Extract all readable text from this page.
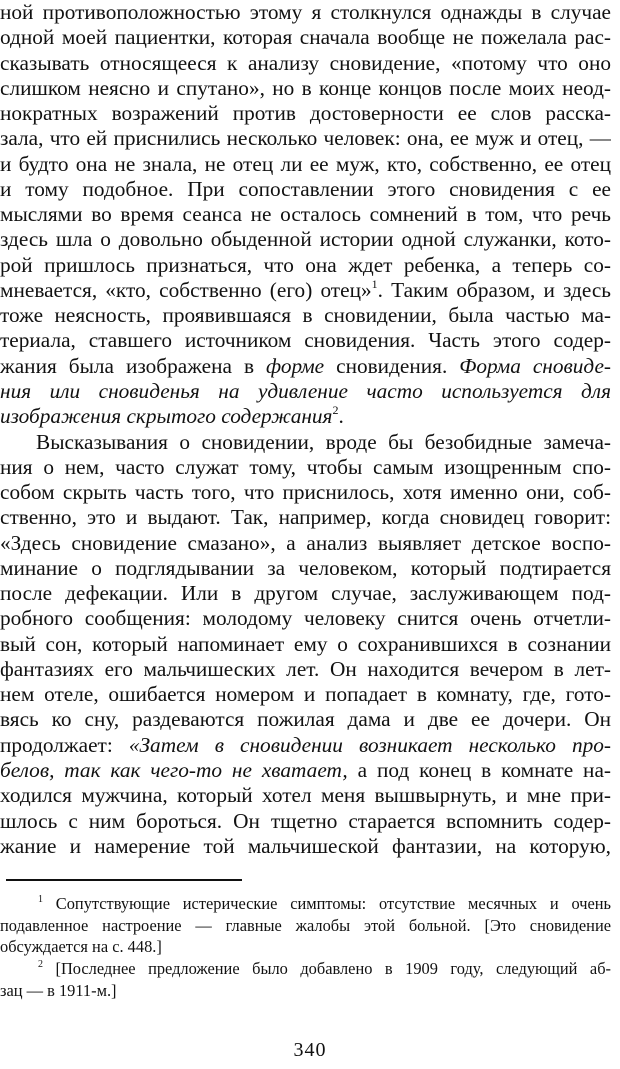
ной противоположностью этому я столкнулся однажды в случае
одной моей пациентки, которая сначала вообще не пожелала рас-
сказывать относящееся к анализу сновидение, «потому что оно
слишком неясно и спутано», но в конце концов после моих неод-
нократных возражений против достоверности ее слов расска-
зала, что ей приснились несколько человек: она, ее муж и отец, —
и будто она не знала, не отец ли ее муж, кто, собственно, ее отец
и тому подобное. При сопоставлении этого сновидения с ее
мыслями во время сеанса не осталось сомнений в том, что речь
здесь шла о довольно обыденной истории одной служанки, кото-
рой пришлось признаться, что она ждет ребенка, а теперь со-
мневается, «кто, собственно (его) отец»$^1$. Таким образом, и здесь
тоже неясность, проявившаяся в сновидении, была частью ма-
териала, ставшего источником сновидения. Часть этого содер-
жания была изображена в форме сновидения. Форма сновиде-
ния или сновиденья на удивление часто используется для
изображения скрытого содержания$^2$.
Высказывания о сновидении, вроде бы безобидные замеча-
ния о нем, часто служат тому, чтобы самым изощренным спо-
собом скрыть часть того, что приснилось, хотя именно они, соб-
ственно, это и выдают. Так, например, когда сновидец говорит:
«Здесь сновидение смазано», а анализ выявляет детское воспо-
минание о подглядывании за человеком, который подтирается
после дефекации. Или в другом случае, заслуживающем под-
робного сообщения: молодому человеку снится очень отчетли-
вый сон, который напоминает ему о сохранившихся в сознании
фантазиях его мальчишеских лет. Он находится вечером в лет-
нем отеле, ошибается номером и попадает в комнату, где, гото-
вясь ко сну, раздеваются пожилая дама и две ее дочери. Он
продолжает: «Затем в сновидении возникает несколько про-
белов, так как чего-то не хватает, а под конец в комнате на-
ходился мужчина, который хотел меня вышвырнуть, и мне при-
шлось с ним бороться. Он тщетно старается вспомнить содер-
жание и намерение той мальчишеской фантазии, на которую,
$^1$ Сопутствующие истерические симптомы: отсутствие месячных и очень
подавленное настроение — главные жалобы этой больной. [Это сновидение
обсуждается на с. 448.]
$^2$ [Последнее предложение было добавлено в 1909 году, следующий аб-
зац — в 1911-м.]
340
